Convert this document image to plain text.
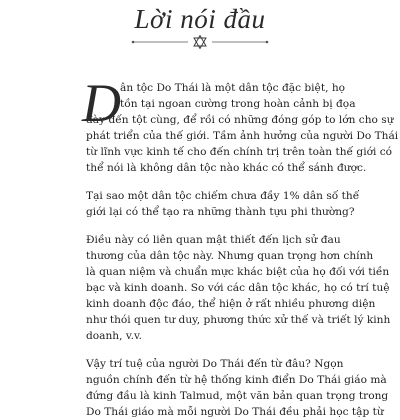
Lời nói đầu
D ân tộc Do Thái là một dân tộc đặc biệt, họ
tồn tại ngoan cường trong hoàn cảnh bị đọa
đày đến tột cùng, để rồi có những đóng góp to lớn cho sự
phát triển của thế giới. Tầm ảnh hưởng của người Do Thái
từ lĩnh vực kinh tế cho đến chính trị trên toàn thế giới có
thể nói là không dân tộc nào khác có thể sánh được.
Tại sao một dân tộc chiếm chưa đầy 1% dân số thế
giới lại có thể tạo ra những thành tựu phi thường?
Điều này có liên quan mật thiết đến lịch sử đau
thương của dân tộc này. Nhưng quan trọng hơn chính
là quan niệm và chuẩn mực khác biệt của họ đối với tiền
bạc và kinh doanh. So với các dân tộc khác, họ có trí tuệ
kinh doanh độc đáo, thể hiện ở rất nhiều phương diện
như thói quen tư duy, phương thức xử thế và triết lý kinh
doanh, v.v.
Vậy trí tuệ của người Do Thái đến từ đâu? Ngọn
nguồn chính đến từ hệ thống kinh điển Do Thái giáo mà
đứng đầu là kinh Talmud, một văn bản quan trọng trong
Do Thái giáo mà mỗi người Do Thái đều phải học tập từ
